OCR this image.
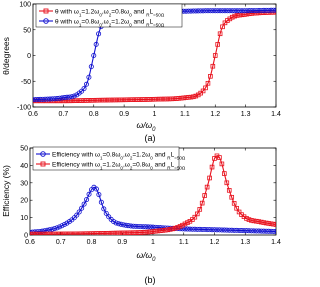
0.6	0.7	0.8	0.9	1	1.1	1.2	1.3	1.4
-100
-50
0
50
100
θ with $\omega_1=1.2\omega_0,\omega_2=0.8\omega_0$ and $_RL_{=50\Omega}$
θ with $\omega_1=0.8\omega_0,\omega_2=1.2\omega_0$ and $_RL_{=50\Omega}$
$\omega/\omega_0$
θ/degrees
(a)
0.6	0.7	0.8	0.9	1	1.1	1.2	1.3	1.4
0
10
20
30
40
50
Efficiency with $\omega_1=0.8\omega_0,\omega_2=1.2\omega_0$ and $_RL_{=50\Omega}$
Efficiency with $\omega_1=1.2\omega_0,\omega_2=0.8\omega_0$ and $_RL_{=50\Omega}$
$\omega/\omega_0$
Efficiency (%)
(b)
